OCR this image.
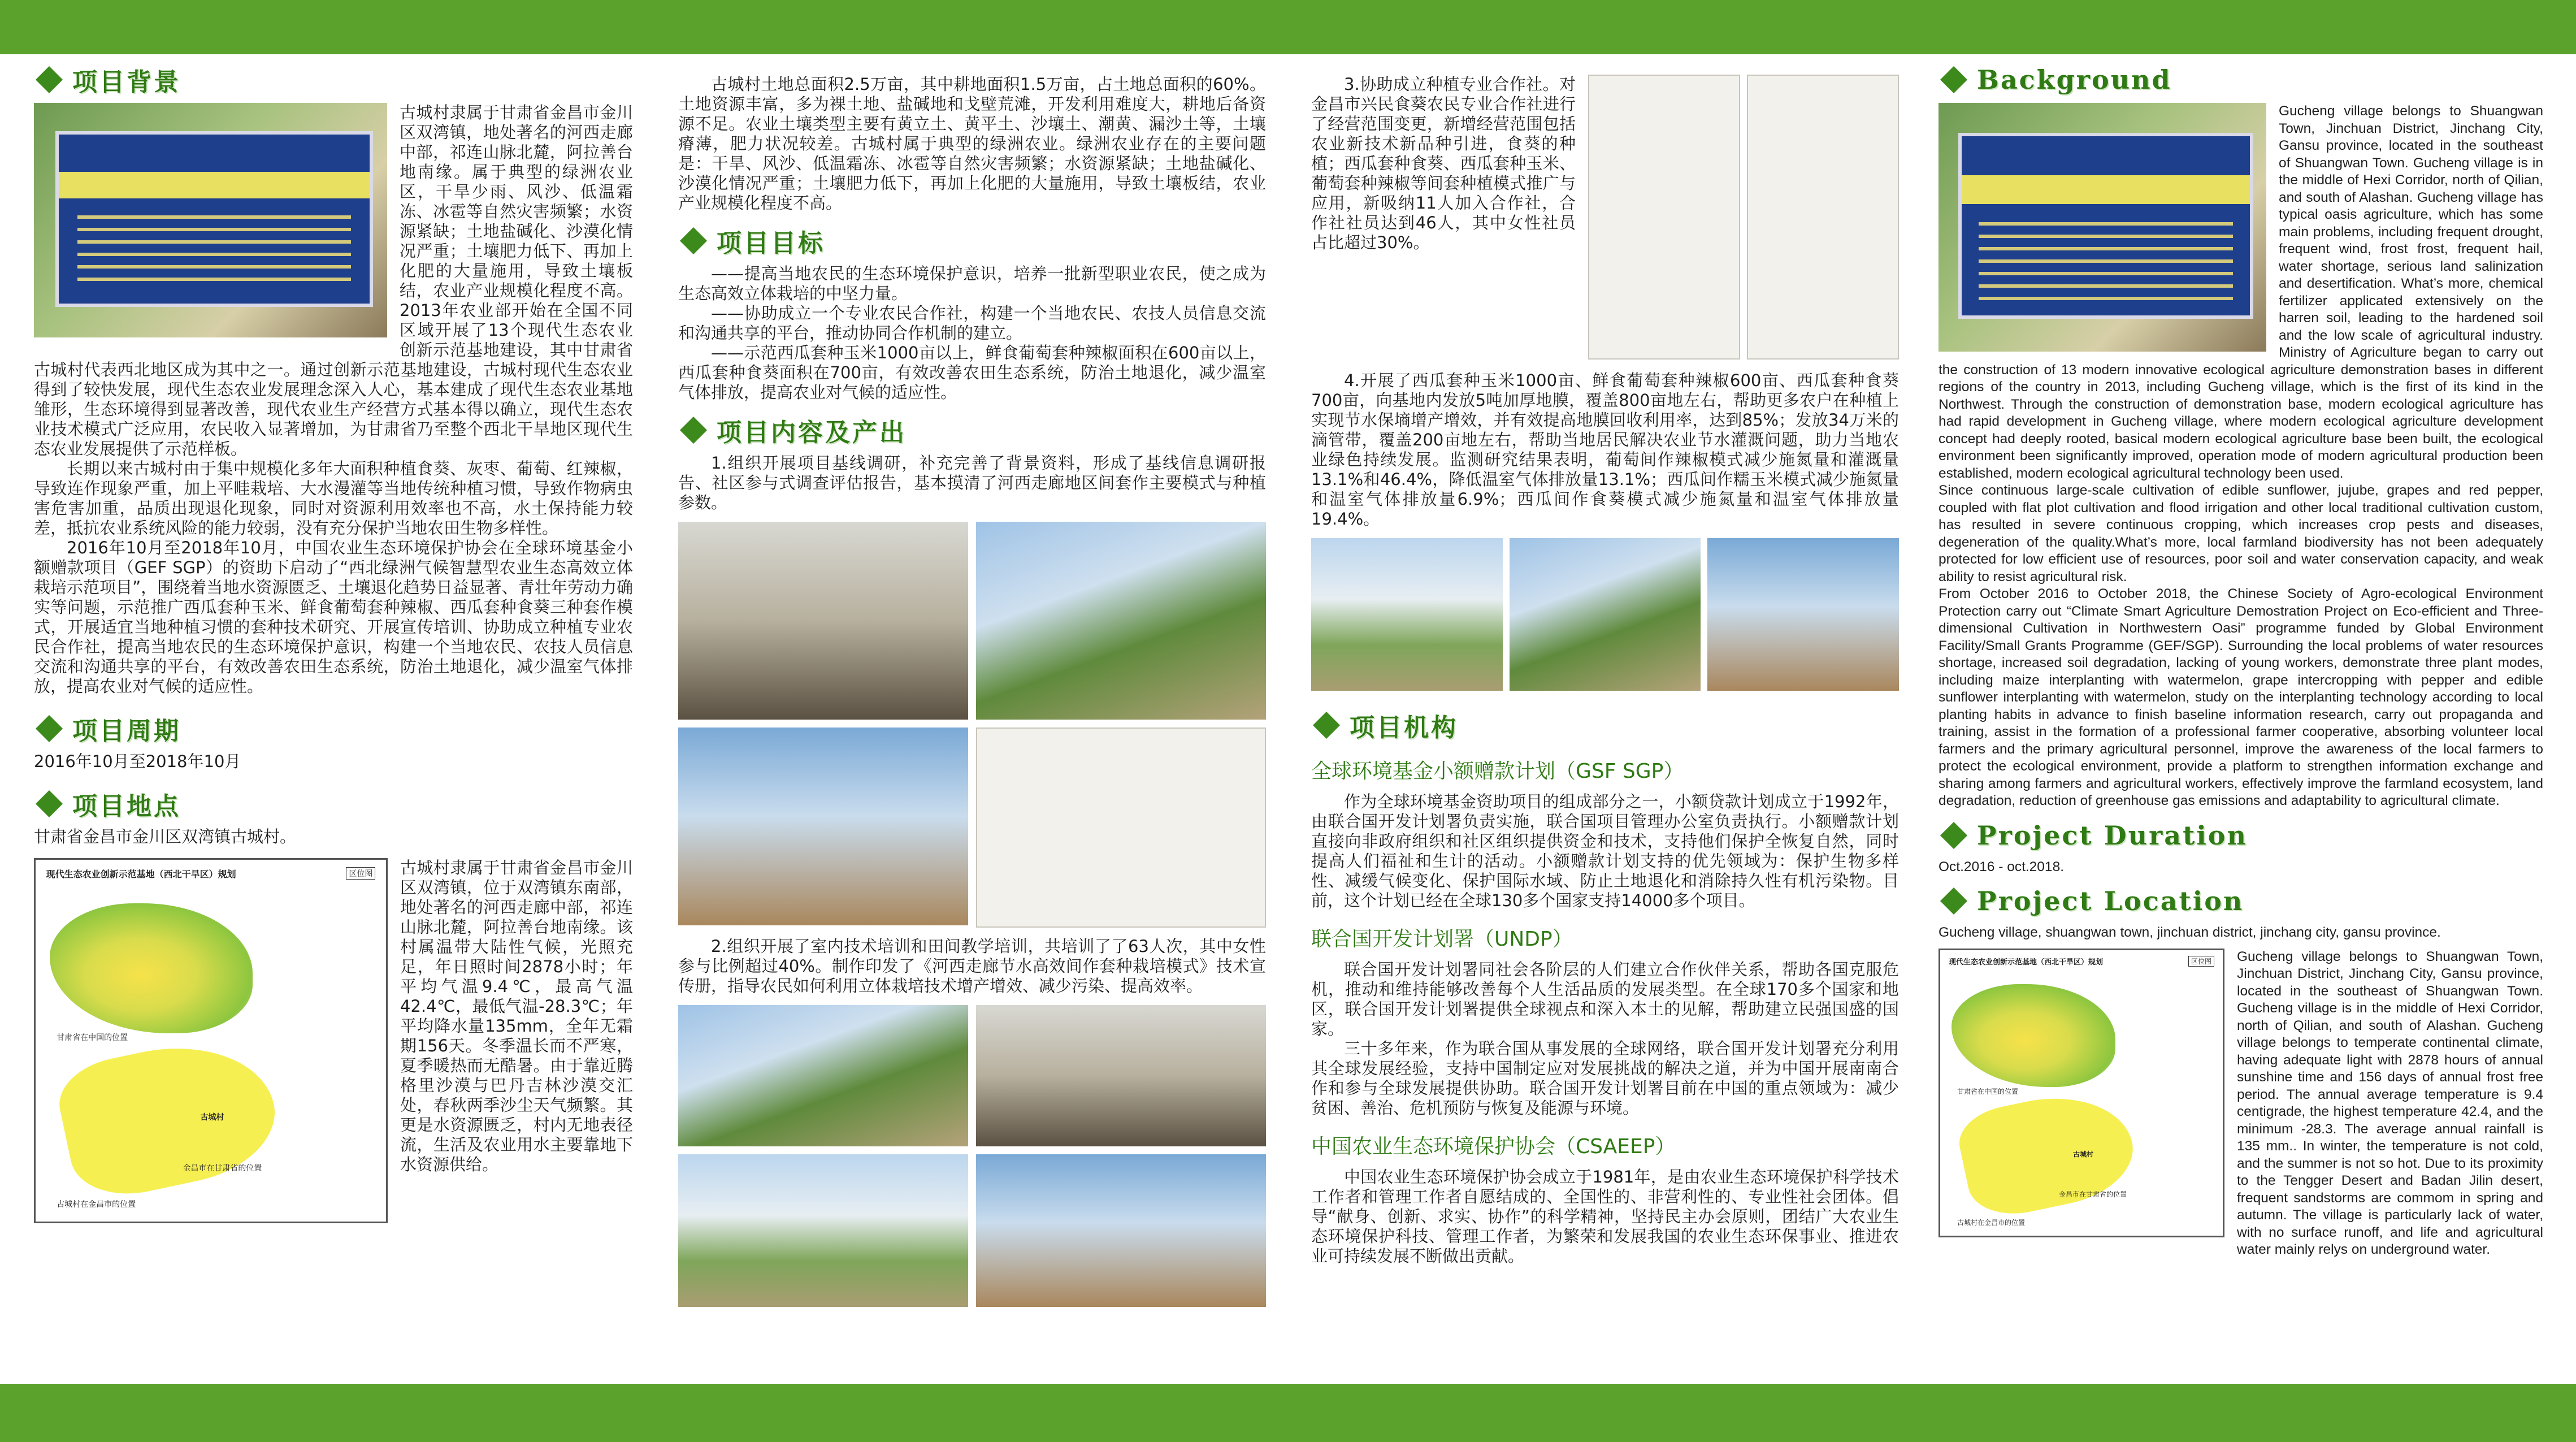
项目背景

古城村隶属于甘肃省金昌市金川区双湾镇，地处著名的河西走廊中部，祁连山脉北麓，阿拉善台地南缘。属于典型的绿洲农业区，干旱少雨、风沙、低温霜冻、冰雹等自然灾害频繁；水资源紧缺；土地盐碱化、沙漠化情况严重；土壤肥力低下、再加上化肥的大量施用，导致土壤板结，农业产业规模化程度不高。2013年农业部开始在全国不同区域开展了13个现代生态农业创新示范基地建设，其中甘肃省古城村代表西北地区成为其中之一。通过创新示范基地建设，古城村现代生态农业得到了较快发展，现代生态农业发展理念深入人心，基本建成了现代生态农业基地雏形，生态环境得到显著改善，现代农业生产经营方式基本得以确立，现代生态农业技术模式广泛应用，农民收入显著增加，为甘肃省乃至整个西北干旱地区现代生态农业发展提供了示范样板。

长期以来古城村由于集中规模化多年大面积种植食葵、灰枣、葡萄、红辣椒，导致连作现象严重，加上平畦栽培、大水漫灌等当地传统种植习惯，导致作物病虫害危害加重，品质出现退化现象，同时对资源利用效率也不高，水土保持能力较差，抵抗农业系统风险的能力较弱，没有充分保护当地农田生物多样性。

2016年10月至2018年10月，中国农业生态环境保护协会在全球环境基金小额赠款项目（GEF SGP）的资助下启动了“西北绿洲气候智慧型农业生态高效立体栽培示范项目”，围绕着当地水资源匮乏、土壤退化趋势日益显著、青壮年劳动力确实等问题，示范推广西瓜套种玉米、鲜食葡萄套种辣椒、西瓜套种食葵三种套作模式，开展适宜当地种植习惯的套种技术研究、开展宣传培训、协助成立种植专业农民合作社，提高当地农民的生态环境保护意识，构建一个当地农民、农技人员信息交流和沟通共享的平台，有效改善农田生态系统，防治土地退化，减少温室气体排放，提高农业对气候的适应性。

项目周期

2016年10月至2018年10月

项目地点

甘肃省金昌市金川区双湾镇古城村。

现代生态农业创新示范基地（西北干旱区）规划	区位图
甘肃省在中国的位置
金昌市在甘肃省的位置
古城村在金昌市的位置
古城村

古城村隶属于甘肃省金昌市金川区双湾镇，位于双湾镇东南部，地处著名的河西走廊中部，祁连山脉北麓，阿拉善台地南缘。该村属温带大陆性气候，光照充足，年日照时间2878小时；年平均气温9.4℃，最高气温42.4℃，最低气温-28.3℃；年平均降水量135mm，全年无霜期156天。冬季温长而不严寒，夏季暖热而无酷暑。由于靠近腾格里沙漠与巴丹吉林沙漠交汇处，春秋两季沙尘天气频繁。其更是水资源匮乏，村内无地表径流，生活及农业用水主要靠地下水资源供给。

古城村土地总面积2.5万亩，其中耕地面积1.5万亩，占土地总面积的60%。土地资源丰富，多为裸土地、盐碱地和戈壁荒滩，开发利用难度大，耕地后备资源不足。农业土壤类型主要有黄立土、黄平土、沙壤土、潮黄、漏沙土等，土壤瘠薄，肥力状况较差。古城村属于典型的绿洲农业。绿洲农业存在的主要问题是：干旱、风沙、低温霜冻、冰雹等自然灾害频繁；水资源紧缺；土地盐碱化、沙漠化情况严重；土壤肥力低下，再加上化肥的大量施用，导致土壤板结，农业产业规模化程度不高。

项目目标

——提高当地农民的生态环境保护意识，培养一批新型职业农民，使之成为生态高效立体栽培的中坚力量。

——协助成立一个专业农民合作社，构建一个当地农民、农技人员信息交流和沟通共享的平台，推动协同合作机制的建立。

——示范西瓜套种玉米1000亩以上，鲜食葡萄套种辣椒面积在600亩以上，西瓜套种食葵面积在700亩，有效改善农田生态系统，防治土地退化，减少温室气体排放，提高农业对气候的适应性。

项目内容及产出

1.组织开展项目基线调研，补充完善了背景资料，形成了基线信息调研报告、社区参与式调查评估报告，基本摸清了河西走廊地区间套作主要模式与种植参数。

2.组织开展了室内技术培训和田间教学培训，共培训了了63人次，其中女性参与比例超过40%。制作印发了《河西走廊节水高效间作套种栽培模式》技术宣传册，指导农民如何利用立体栽培技术增产增效、减少污染、提高效率。

3.协助成立种植专业合作社。对金昌市兴民食葵农民专业合作社进行了经营范围变更，新增经营范围包括农业新技术新品种引进，食葵的种植；西瓜套种食葵、西瓜套种玉米、葡萄套种辣椒等间套种植模式推广与应用，新吸纳11人加入合作社，合作社社员达到46人，其中女性社员占比超过30%。

4.开展了西瓜套种玉米1000亩、鲜食葡萄套种辣椒600亩、西瓜套种食葵700亩，向基地内发放5吨加厚地膜，覆盖800亩地左右，帮助更多农户在种植上实现节水保墒增产增效，并有效提高地膜回收利用率，达到85%；发放34万米的滴管带，覆盖200亩地左右，帮助当地居民解决农业节水灌溉问题，助力当地农业绿色持续发展。监测研究结果表明，葡萄间作辣椒模式减少施氮量和灌溉量13.1%和46.4%，降低温室气体排放量13.1%；西瓜间作糯玉米模式减少施氮量和温室气体排放量6.9%；西瓜间作食葵模式减少施氮量和温室气体排放量19.4%。

项目机构
全球环境基金小额赠款计划（GSF SGP）

作为全球环境基金资助项目的组成部分之一，小额贷款计划成立于1992年，由联合国开发计划署负责实施，联合国项目管理办公室负责执行。小额赠款计划直接向非政府组织和社区组织提供资金和技术，支持他们保护全恢复自然，同时提高人们福祉和生计的活动。小额赠款计划支持的优先领域为：保护生物多样性、减缓气候变化、保护国际水域、防止土地退化和消除持久性有机污染物。目前，这个计划已经在全球130多个国家支持14000多个项目。

联合国开发计划署（UNDP）

联合国开发计划署同社会各阶层的人们建立合作伙伴关系，帮助各国克服危机，推动和维持能够改善每个人生活品质的发展类型。在全球170多个国家和地区，联合国开发计划署提供全球视点和深入本土的见解，帮助建立民强国盛的国家。

三十多年来，作为联合国从事发展的全球网络，联合国开发计划署充分利用其全球发展经验，支持中国制定应对发展挑战的解决之道，并为中国开展南南合作和参与全球发展提供协助。联合国开发计划署目前在中国的重点领域为：减少贫困、善治、危机预防与恢复及能源与环境。

中国农业生态环境保护协会（CSAEEP）

中国农业生态环境保护协会成立于1981年，是由农业生态环境保护科学技术工作者和管理工作者自愿结成的、全国性的、非营利性的、专业性社会团体。倡导“献身、创新、求实、协作”的科学精神，坚持民主办会原则，团结广大农业生态环境保护科技、管理工作者，为繁荣和发展我国的农业生态环保事业、推进农业可持续发展不断做出贡献。

Background

Gucheng village belongs to Shuangwan Town, Jinchuan District, Jinchang City, Gansu province, located in the southeast of Shuangwan Town. Gucheng village is in the middle of Hexi Corridor, north of Qilian, and south of Alashan. Gucheng village has typical oasis agriculture, which has some main problems, including frequent drought, frequent wind, frost frost, frequent hail, water shortage, serious land salinization and desertification. What’s more, chemical fertilizer applicated extensively on the harren soil, leading to the hardened soil and the low scale of agricultural industry. Ministry of Agriculture began to carry out the construction of 13 modern innovative ecological agriculture demonstration bases in different regions of the country in 2013, including Gucheng village, which is the first of its kind in the Northwest. Through the construction of demonstration base, modern ecological agriculture has had rapid development in Gucheng village, where modern ecological agriculture development concept had deeply rooted, basical modern ecological agriculture base been built, the ecological environment been significantly improved, operation mode of modern agricultural production been established, modern ecological agricultural technology been used.

Since continuous large-scale cultivation of edible sunflower, jujube, grapes and red pepper, coupled with flat plot cultivation and flood irrigation and other local traditional cultivation custom, has resulted in severe continuous cropping, which increases crop pests and diseases, degeneration of the quality.What’s more, local farmland biodiversity has not been adequately protected for low efficient use of resources, poor soil and water conservation capacity, and weak ability to resist agricultural risk.

From October 2016 to October 2018, the Chinese Society of Agro-ecological Environment Protection carry out “Climate Smart Agriculture Demostration Project on Eco-efficient and Three-dimensional Cultivation in Northwestern Oasi” programme funded by Global Environment Facility/Small Grants Programme (GEF/SGP). Surrounding the local problems of water resources shortage, increased soil degradation, lacking of young workers, demonstrate three plant modes, including maize interplanting with watermelon, grape intercropping with pepper and edible sunflower interplanting with watermelon, study on the interplanting technology according to local planting habits in advance to finish baseline information research, carry out propaganda and training, assist in the formation of a professional farmer cooperative, absorbing volunteer local farmers and the primary agricultural personnel, improve the awareness of the local farmers to protect the ecological environment, provide a platform to strengthen information exchange and sharing among farmers and agricultural workers, effectively improve the farmland ecosystem, land degradation, reduction of greenhouse gas emissions and adaptability to agricultural climate.

Project Duration

Oct.2016 - oct.2018.

Project Location

Gucheng village, shuangwan town, jinchuan district, jinchang city, gansu province.

现代生态农业创新示范基地（西北干旱区）规划	区位图
甘肃省在中国的位置
金昌市在甘肃省的位置
古城村在金昌市的位置
古城村

Gucheng village belongs to Shuangwan Town, Jinchuan District, Jinchang City, Gansu province, located in the southeast of Shuangwan Town. Gucheng village is in the middle of Hexi Corridor, north of Qilian, and south of Alashan. Gucheng village belongs to temperate continental climate, having adequate light with 2878 hours of annual sunshine time and 156 days of annual frost free period. The annual average temperature is 9.4 centigrade, the highest temperature 42.4, and the minimum -28.3. The average annual rainfall is 135 mm.. In winter, the temperature is not cold, and the summer is not so hot. Due to its proximity to the Tengger Desert and Badan Jilin desert, frequent sandstorms are commom in spring and autumn. The village is particularly lack of water, with no surface runoff, and life and agricultural water mainly relys on underground water.
